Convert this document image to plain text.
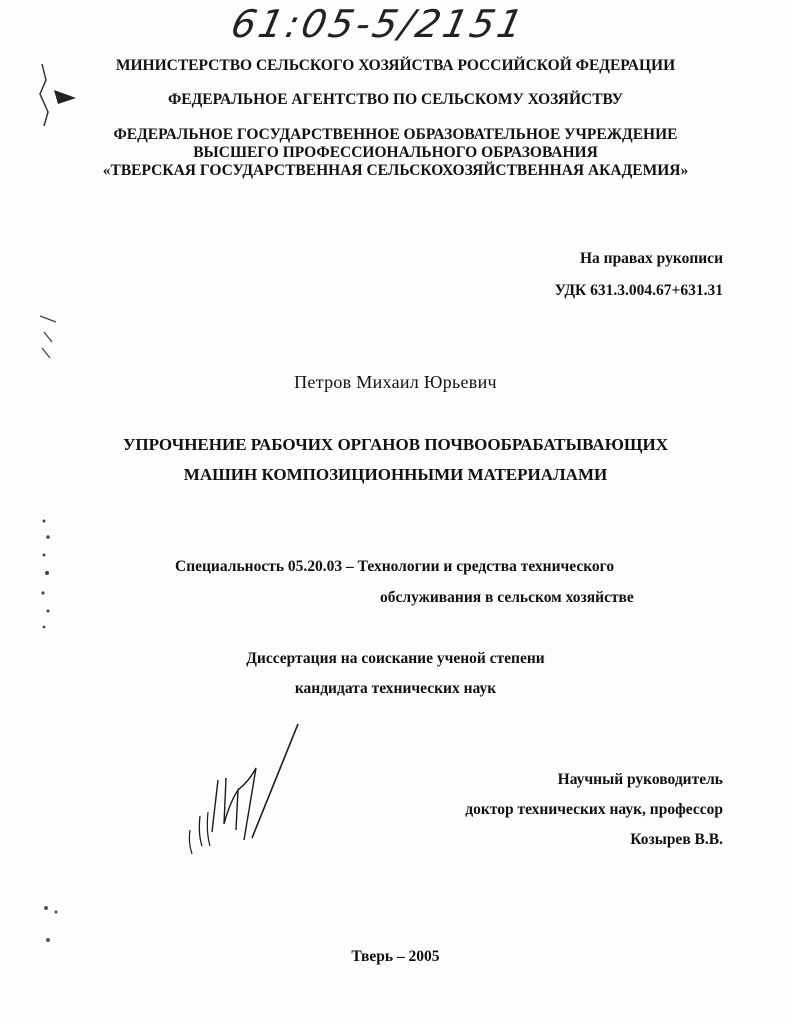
61:05-5/2151
МИНИСТЕРСТВО СЕЛЬСКОГО ХОЗЯЙСТВА РОССИЙСКОЙ ФЕДЕРАЦИИ
ФЕДЕРАЛЬНОЕ АГЕНТСТВО ПО СЕЛЬСКОМУ ХОЗЯЙСТВУ
ФЕДЕРАЛЬНОЕ ГОСУДАРСТВЕННОЕ ОБРАЗОВАТЕЛЬНОЕ УЧРЕЖДЕНИЕ
ВЫСШЕГО ПРОФЕССИОНАЛЬНОГО ОБРАЗОВАНИЯ
«ТВЕРСКАЯ ГОСУДАРСТВЕННАЯ СЕЛЬСКОХОЗЯЙСТВЕННАЯ АКАДЕМИЯ»
На правах рукописи
УДК 631.3.004.67+631.31
Петров Михаил Юрьевич
УПРОЧНЕНИЕ РАБОЧИХ ОРГАНОВ ПОЧВООБРАБАТЫВАЮЩИХ
МАШИН КОМПОЗИЦИОННЫМИ МАТЕРИАЛАМИ
Специальность 05.20.03 – Технологии и средства технического
обслуживания в сельском хозяйстве
Диссертация на соискание ученой степени
кандидата технических наук
Научный руководитель
доктор технических наук, профессор
Козырев В.В.
Тверь – 2005
